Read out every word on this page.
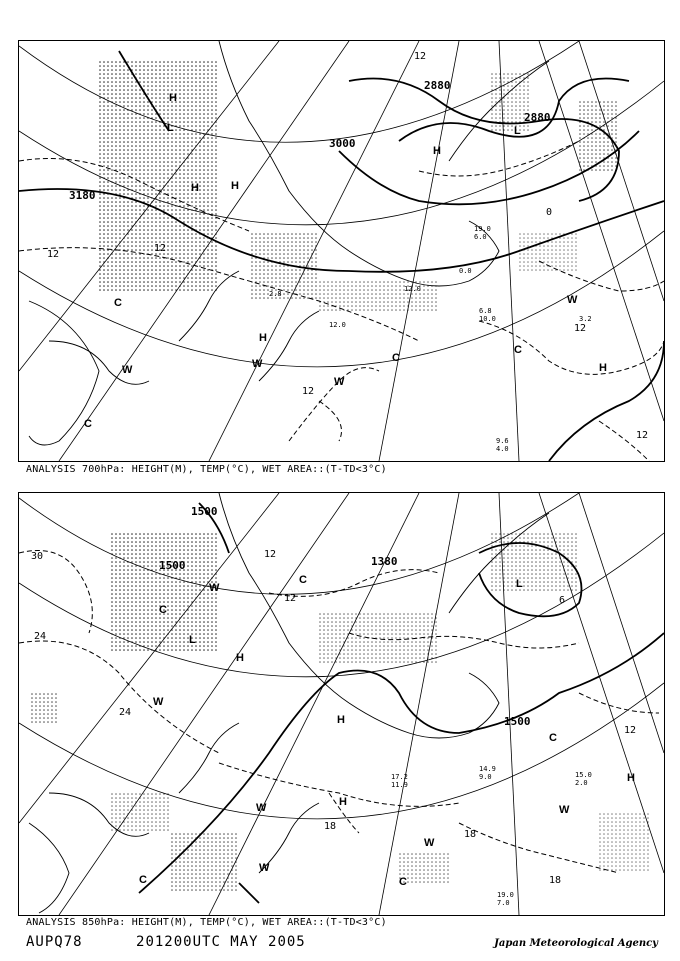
3000
2880
2880
3180
12
12
12
0
12
12
12
H
H
H
H
H
L
L
C
C
C
W	W
W
W
C
H
19.0
6.0
0.0
12.0
9.6
4.0
6.8
10.0	3.2
12.0
2.8
ANALYSIS 700hPa: HEIGHT(M), TEMP(°C), WET AREA::(T-TD<3°C)
1500
1500
1500	1380
30
24
24
12
12
18
18
6
12
18
L
L
C
H
W
W
W
W
H
H
W
W
C
C
C
C
H
19.0
7.0
14.9
9.0
17.2
11.9
15.0
2.0
ANALYSIS 850hPa: HEIGHT(M), TEMP(°C), WET AREA::(T-TD<3°C)
AUPQ78	201200UTC MAY 2005	Japan Meteorological Agency
